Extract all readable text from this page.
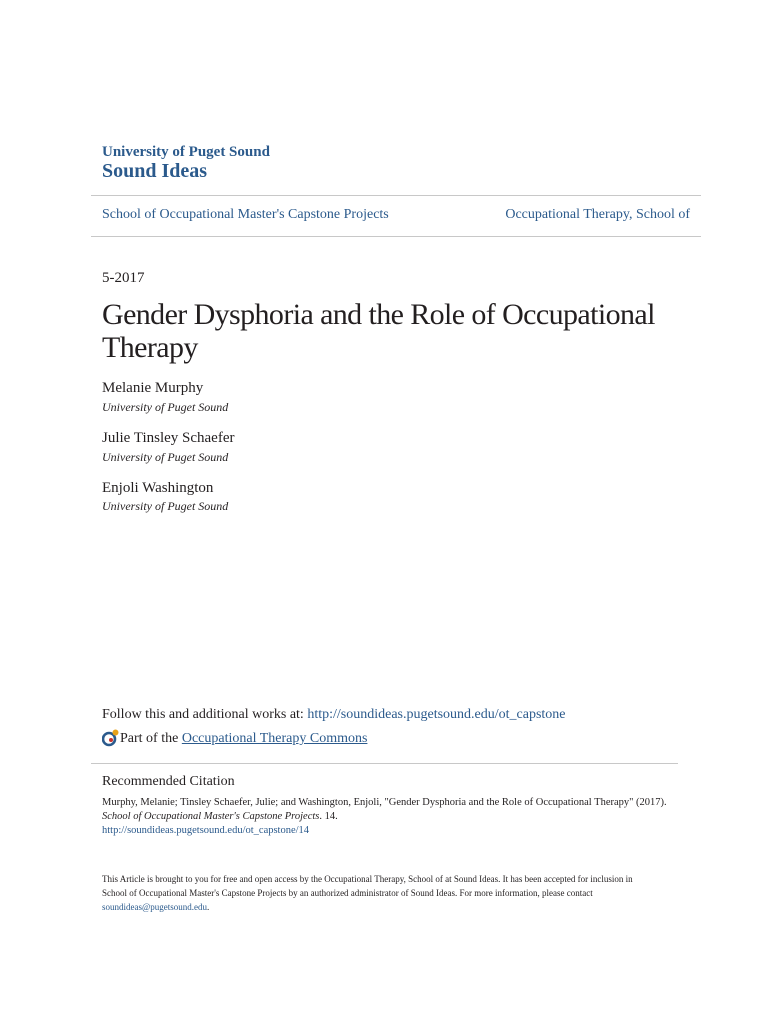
University of Puget Sound
Sound Ideas
School of Occupational Master's Capstone Projects	Occupational Therapy, School of
5-2017
Gender Dysphoria and the Role of Occupational Therapy
Melanie Murphy
University of Puget Sound
Julie Tinsley Schaefer
University of Puget Sound
Enjoli Washington
University of Puget Sound
Follow this and additional works at: http://soundideas.pugetsound.edu/ot_capstone
Part of the Occupational Therapy Commons
Recommended Citation
Murphy, Melanie; Tinsley Schaefer, Julie; and Washington, Enjoli, "Gender Dysphoria and the Role of Occupational Therapy" (2017).
School of Occupational Master's Capstone Projects. 14.
http://soundideas.pugetsound.edu/ot_capstone/14
This Article is brought to you for free and open access by the Occupational Therapy, School of at Sound Ideas. It has been accepted for inclusion in
School of Occupational Master's Capstone Projects by an authorized administrator of Sound Ideas. For more information, please contact
soundideas@pugetsound.edu.
